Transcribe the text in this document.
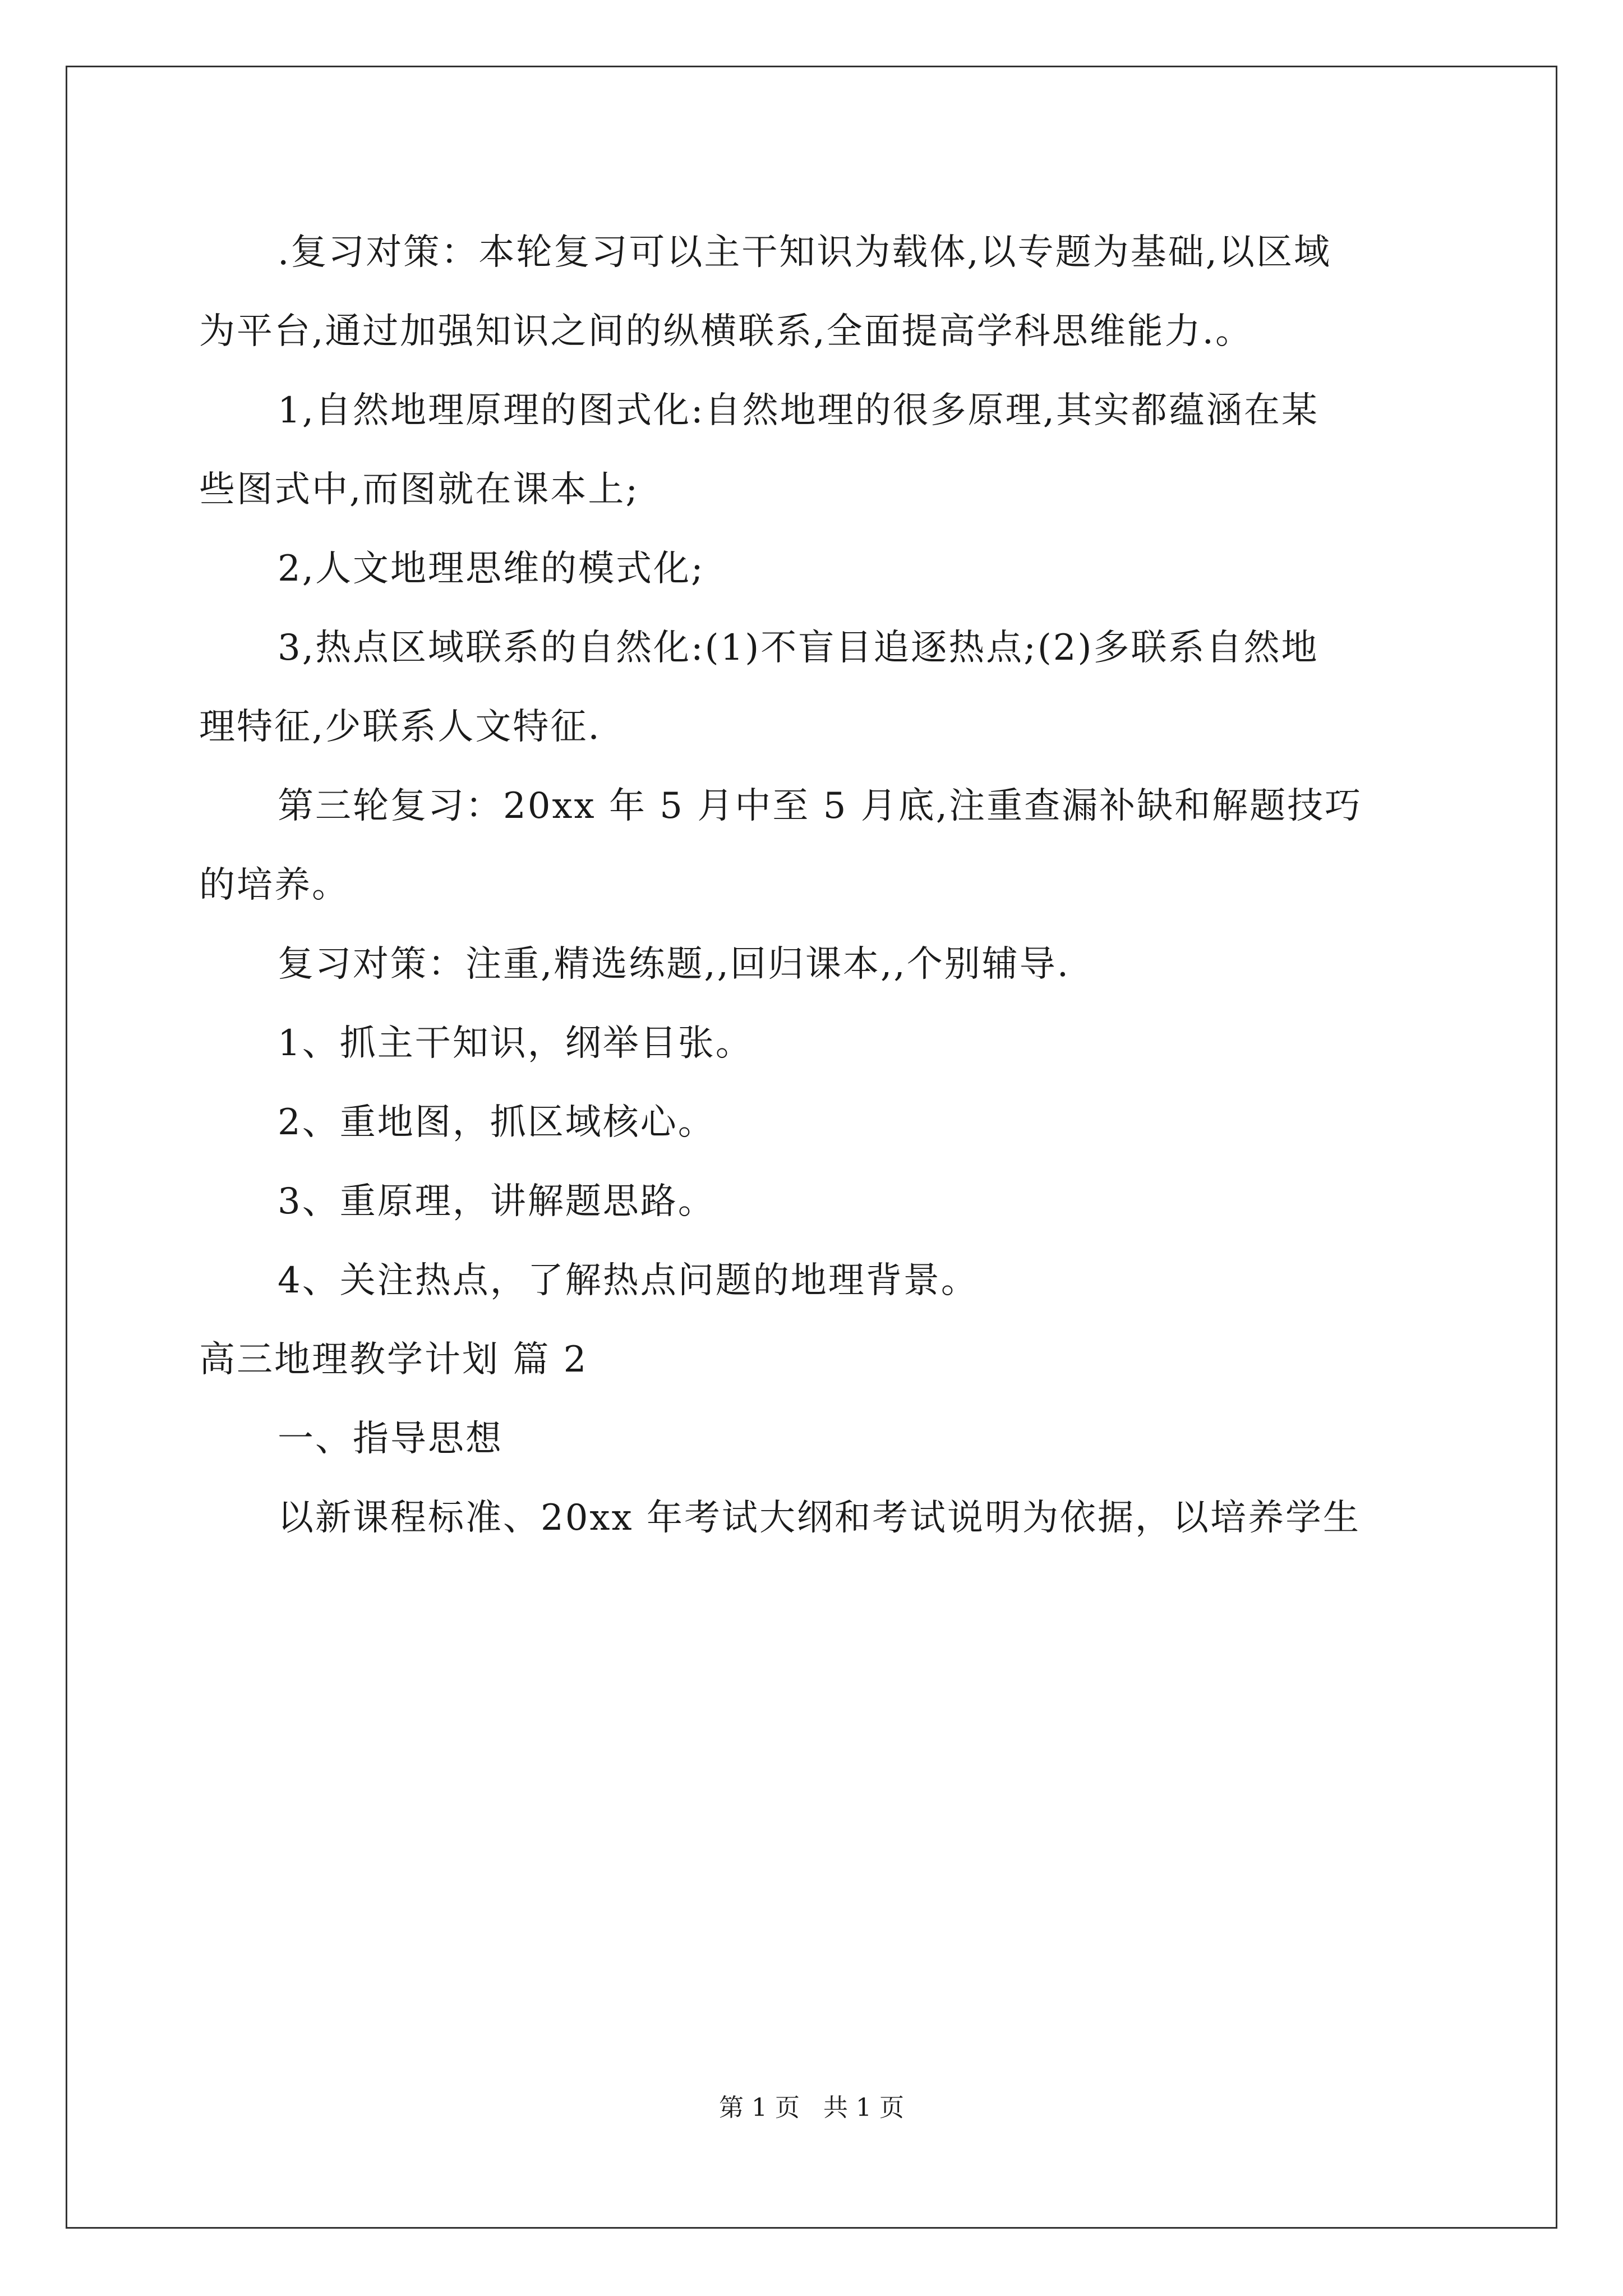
.复习对策：本轮复习可以主干知识为载体,以专题为基础,以区域

为平台,通过加强知识之间的纵横联系,全面提高学科思维能力.。

1,自然地理原理的图式化:自然地理的很多原理,其实都蕴涵在某

些图式中,而图就在课本上;

2,人文地理思维的模式化;

3,热点区域联系的自然化:(1)不盲目追逐热点;(2)多联系自然地

理特征,少联系人文特征.

第三轮复习：20xx 年 5 月中至 5 月底,注重查漏补缺和解题技巧

的培养。

复习对策：注重,精选练题,,回归课本,,个别辅导.

1、抓主干知识，纲举目张。

2、重地图，抓区域核心。

3、重原理，讲解题思路。

4、关注热点，了解热点问题的地理背景。

高三地理教学计划 篇 2

一、指导思想

以新课程标准、20xx 年考试大纲和考试说明为依据，以培养学生

第 1 页 共 1 页
